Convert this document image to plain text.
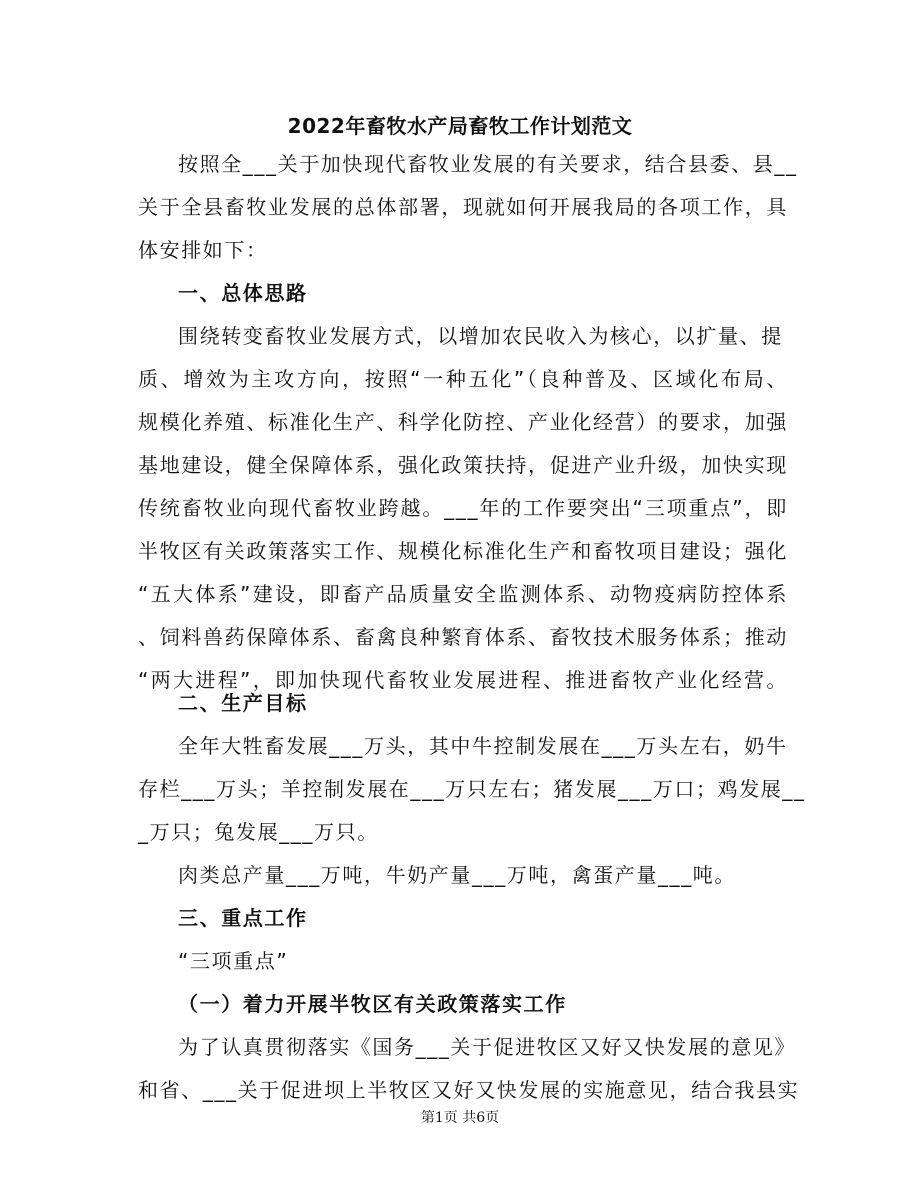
2022年畜牧水产局畜牧工作计划范文
按照全___关于加快现代畜牧业发展的有关要求，结合县委、县__
关于全县畜牧业发展的总体部署，现就如何开展我局的各项工作，具
体安排如下：
一、总体思路
围绕转变畜牧业发展方式，以增加农民收入为核心，以扩量、提
质、增效为主攻方向，按照“一种五化”（良种普及、区域化布局、
规模化养殖、标准化生产、科学化防控、产业化经营）的要求，加强
基地建设，健全保障体系，强化政策扶持，促进产业升级，加快实现
传统畜牧业向现代畜牧业跨越。___年的工作要突出“三项重点”，即
半牧区有关政策落实工作、规模化标准化生产和畜牧项目建设；强化
“五大体系”建设，即畜产品质量安全监测体系、动物疫病防控体系
、饲料兽药保障体系、畜禽良种繁育体系、畜牧技术服务体系；推动
“两大进程”，即加快现代畜牧业发展进程、推进畜牧产业化经营。
二、生产目标
全年大牲畜发展___万头，其中牛控制发展在___万头左右，奶牛
存栏___万头；羊控制发展在___万只左右；猪发展___万口；鸡发展__
_万只；兔发展___万只。
肉类总产量___万吨，牛奶产量___万吨，禽蛋产量___吨。
三、重点工作
“三项重点”
（一）着力开展半牧区有关政策落实工作
为了认真贯彻落实《国务___关于促进牧区又好又快发展的意见》
和省、___关于促进坝上半牧区又好又快发展的实施意见，结合我县实
第1页 共6页
